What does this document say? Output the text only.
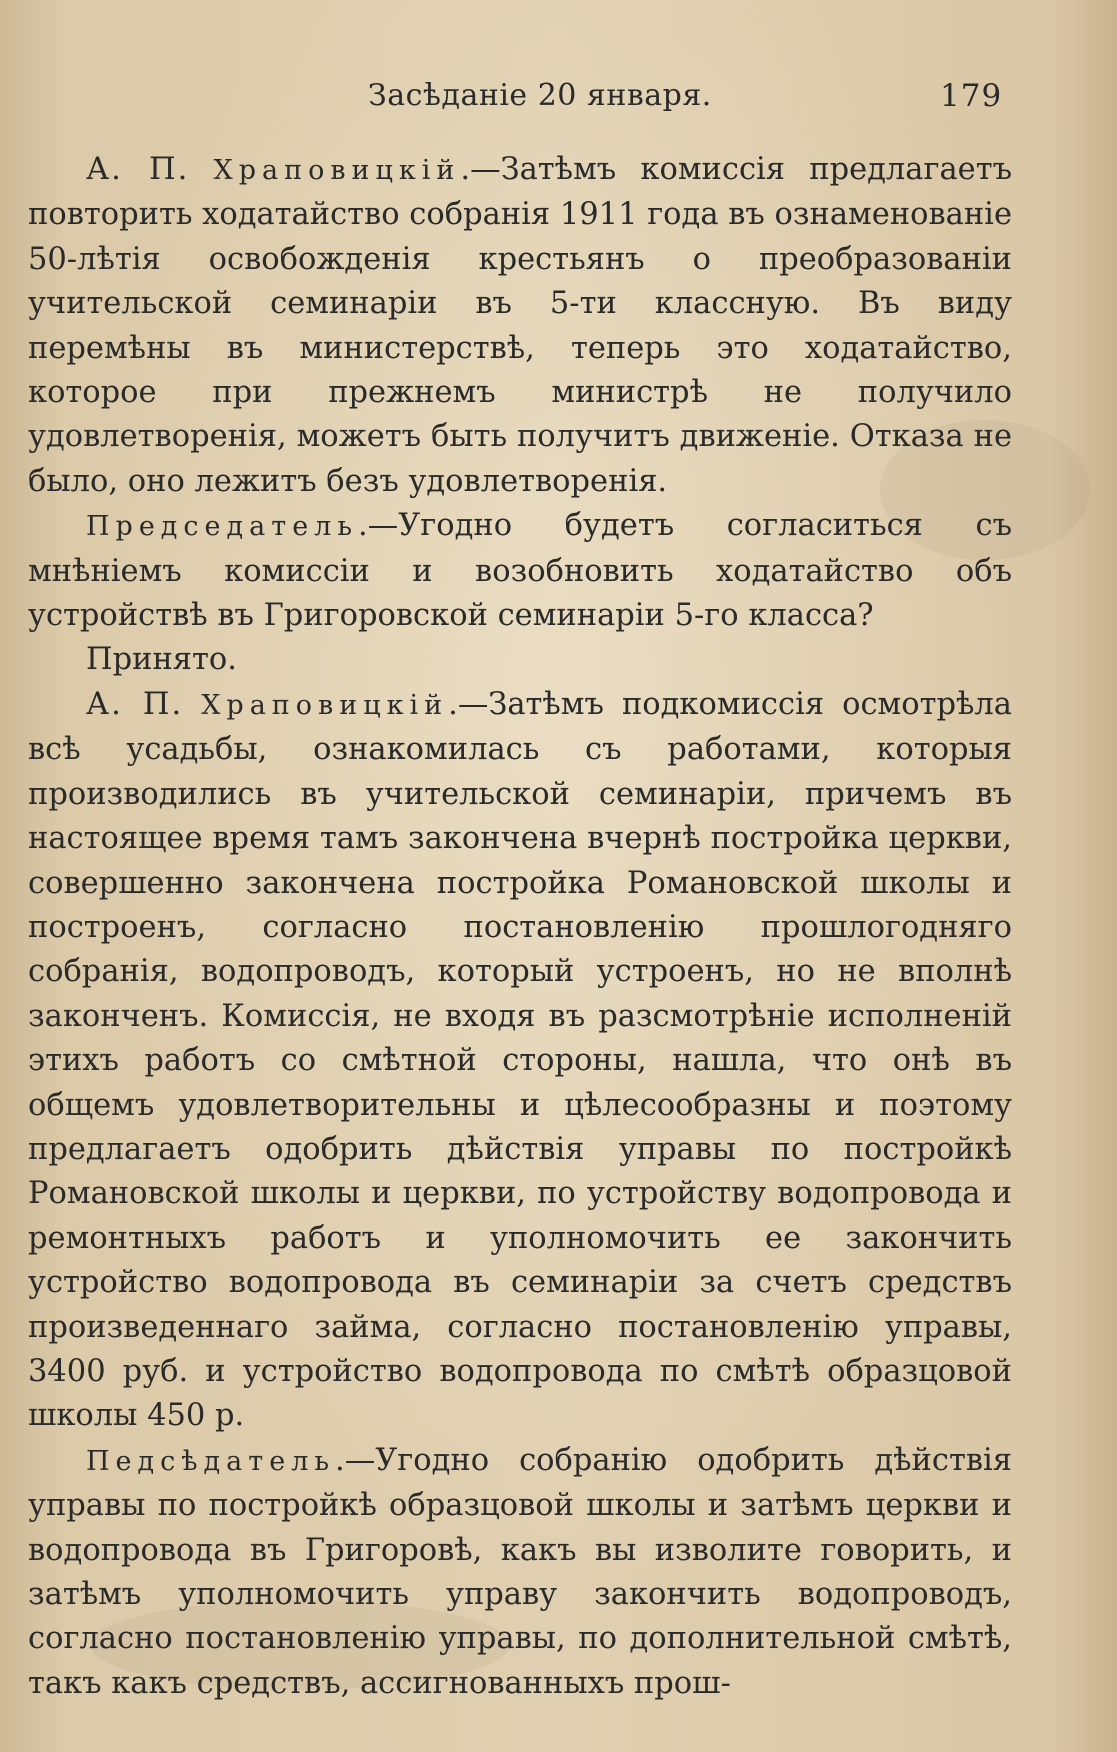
Засѣданіе 20 января.	179

А. П. Храповицкій.—Затѣмъ комиссія предлагаетъ повторить ходатайство собранія 1911 года въ ознаменованіе 50-лѣтія освобожденія крестьянъ о преобразованіи учительской семинаріи въ 5-ти классную. Въ виду перемѣны въ министерствѣ, теперь это ходатайство, которое при прежнемъ министрѣ не получило удовлетворенія, можетъ быть получитъ движеніе. Отказа не было, оно лежитъ безъ удовлетворенія.

Председатель.—Угодно будетъ согласиться съ мнѣніемъ комиссіи и возобновить ходатайство объ устройствѣ въ Григоровской семинаріи 5-го класса?

Принято.

А. П. Храповицкій.—Затѣмъ подкомиссія осмотрѣла всѣ усадьбы, ознакомилась съ работами, которыя производились въ учительской семинаріи, причемъ въ настоящее время тамъ закончена вчернѣ постройка церкви, совершенно закончена постройка Романовской школы и построенъ, согласно постановленію прошлогодняго собранія, водопроводъ, который устроенъ, но не вполнѣ законченъ. Комиссія, не входя въ разсмотрѣніе исполненій этихъ работъ со смѣтной стороны, нашла, что онѣ въ общемъ удовлетворительны и цѣлесообразны и поэтому предлагаетъ одобрить дѣйствія управы по постройкѣ Романовской школы и церкви, по устройству водопровода и ремонтныхъ работъ и уполномочить ее закончить устройство водопровода въ семинаріи за счетъ средствъ произведеннаго займа, согласно постановленію управы, 3400 руб. и устройство водопровода по смѣтѣ образцовой школы 450 р.

Педсѣдатель.—Угодно собранію одобрить дѣйствія управы по постройкѣ образцовой школы и затѣмъ церкви и водопровода въ Григоровѣ, какъ вы изволите говорить, и затѣмъ уполномочить управу закончить водопроводъ, согласно постановленію управы, по дополнительной смѣтѣ, такъ какъ средствъ, ассигнованныхъ прош-
